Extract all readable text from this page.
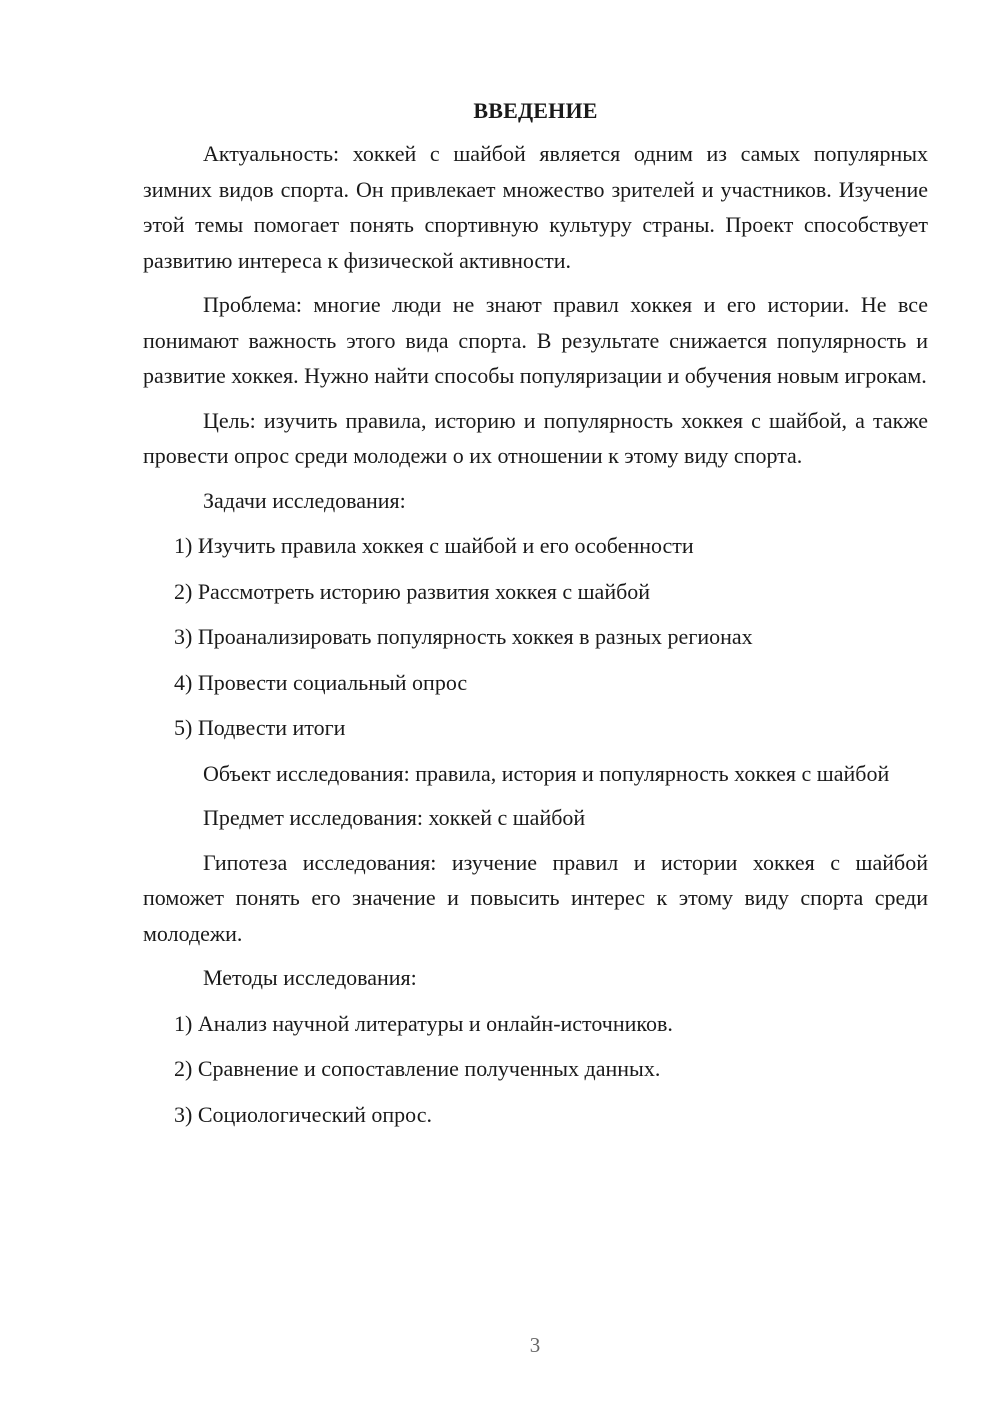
ВВЕДЕНИЕ

Актуальность: хоккей с шайбой является одним из самых популярных зимних видов спорта. Он привлекает множество зрителей и участников. Изучение этой темы помогает понять спортивную культуру страны. Проект способствует развитию интереса к физической активности.

Проблема: многие люди не знают правил хоккея и его истории. Не все понимают важность этого вида спорта. В результате снижается популярность и развитие хоккея. Нужно найти способы популяризации и обучения новым игрокам.

Цель: изучить правила, историю и популярность хоккея с шайбой, а также провести опрос среди молодежи о их отношении к этому виду спорта.

Задачи исследования:
1) Изучить правила хоккея с шайбой и его особенности
2) Рассмотреть историю развития хоккея с шайбой
3) Проанализировать популярность хоккея в разных регионах
4) Провести социальный опрос
5) Подвести итоги

Объект исследования: правила, история и популярность хоккея с шайбой

Предмет исследования: хоккей с шайбой

Гипотеза исследования: изучение правил и истории хоккея с шайбой поможет понять его значение и повысить интерес к этому виду спорта среди молодежи.

Методы исследования:
1) Анализ научной литературы и онлайн-источников.
2) Сравнение и сопоставление полученных данных.
3) Социологический опрос.
3
